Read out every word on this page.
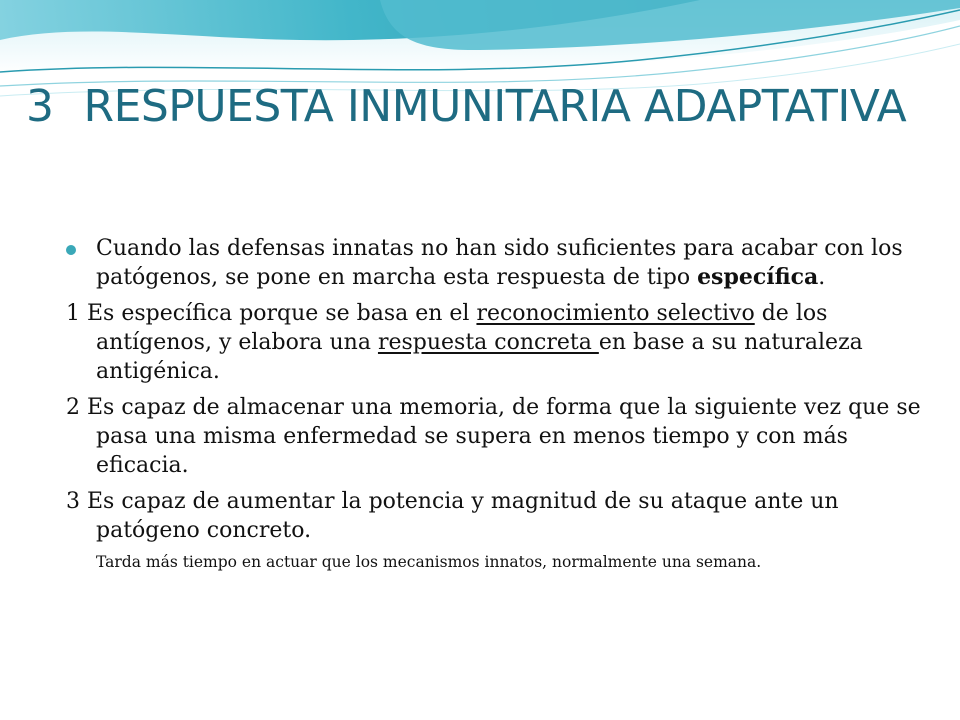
3 RESPUESTA INMUNITARIA ADAPTATIVA

Cuando las defensas innatas no han sido suficientes para acabar con los patógenos, se pone en marcha esta respuesta de tipo específica.

1 Es específica porque se basa en el reconocimiento selectivo de los antígenos, y elabora una respuesta concreta en base a su naturaleza antigénica.

2 Es capaz de almacenar una memoria, de forma que la siguiente vez que se pasa una misma enfermedad se supera en menos tiempo y con más eficacia.

3 Es capaz de aumentar la potencia y magnitud de su ataque ante un patógeno concreto.

Tarda más tiempo en actuar que los mecanismos innatos, normalmente una semana.
